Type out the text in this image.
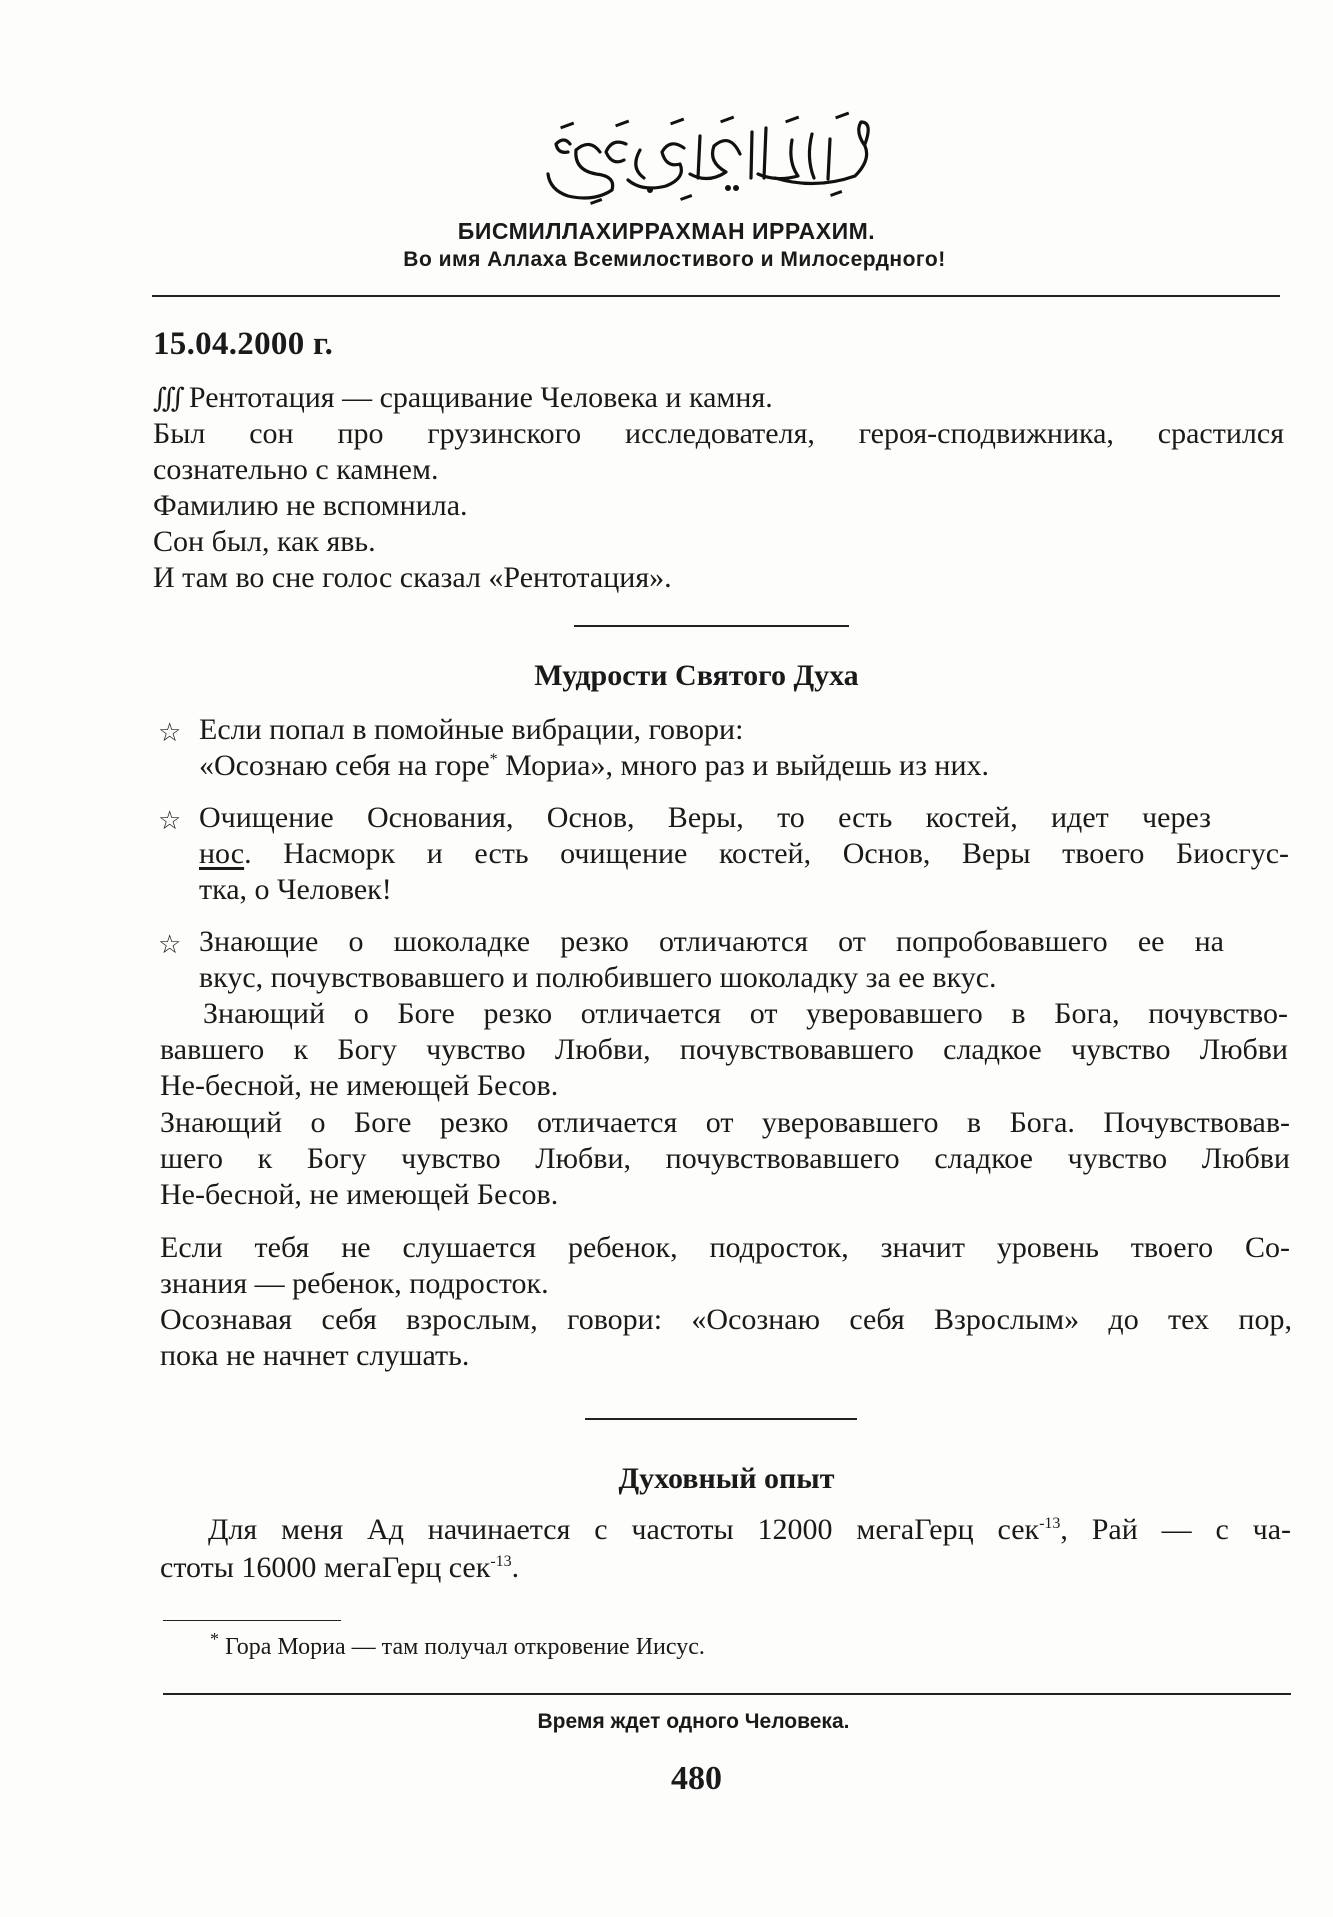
БИСМИЛЛАХИРРАХМАН ИРРАХИМ.
Во имя Аллаха Всемилостивого и Милосердного!
15.04.2000 г.
∭ Рентотация — сращивание Человека и камня.
Был сон про грузинского исследователя, героя-сподвижника, срастился
сознательно с камнем.
Фамилию не вспомнила.
Сон был, как явь.
И там во сне голос сказал «Рентотация».
Мудрости Святого Духа
☆ Если попал в помойные вибрации, говори:
«Осознаю себя на горе* Мориа», много раз и выйдешь из них.
☆ Очищение Основания, Основ, Веры, то есть костей, идет через
нос. Насморк и есть очищение костей, Основ, Веры твоего Биосгус-
тка, о Человек!
☆ Знающие о шоколадке резко отличаются от попробовавшего ее на
вкус, почувствовавшего и полюбившего шоколадку за ее вкус.
Знающий о Боге резко отличается от уверовавшего в Бога, почувство-
вавшего к Богу чувство Любви, почувствовавшего сладкое чувство Любви
Не-бесной, не имеющей Бесов.
Знающий о Боге резко отличается от уверовавшего в Бога. Почувствовав-
шего к Богу чувство Любви, почувствовавшего сладкое чувство Любви
Не-бесной, не имеющей Бесов.
Если тебя не слушается ребенок, подросток, значит уровень твоего Со-
знания — ребенок, подросток.
Осознавая себя взрослым, говори: «Осознаю себя Взрослым» до тех пор,
пока не начнет слушать.
Духовный опыт
Для меня Ад начинается с частоты 12000 мегаГерц сек$^{-13}$, Рай — с ча-
стоты 16000 мегаГерц сек$^{-13}$.
* Гора Мориа — там получал откровение Иисус.
Время ждет одного Человека.
480
